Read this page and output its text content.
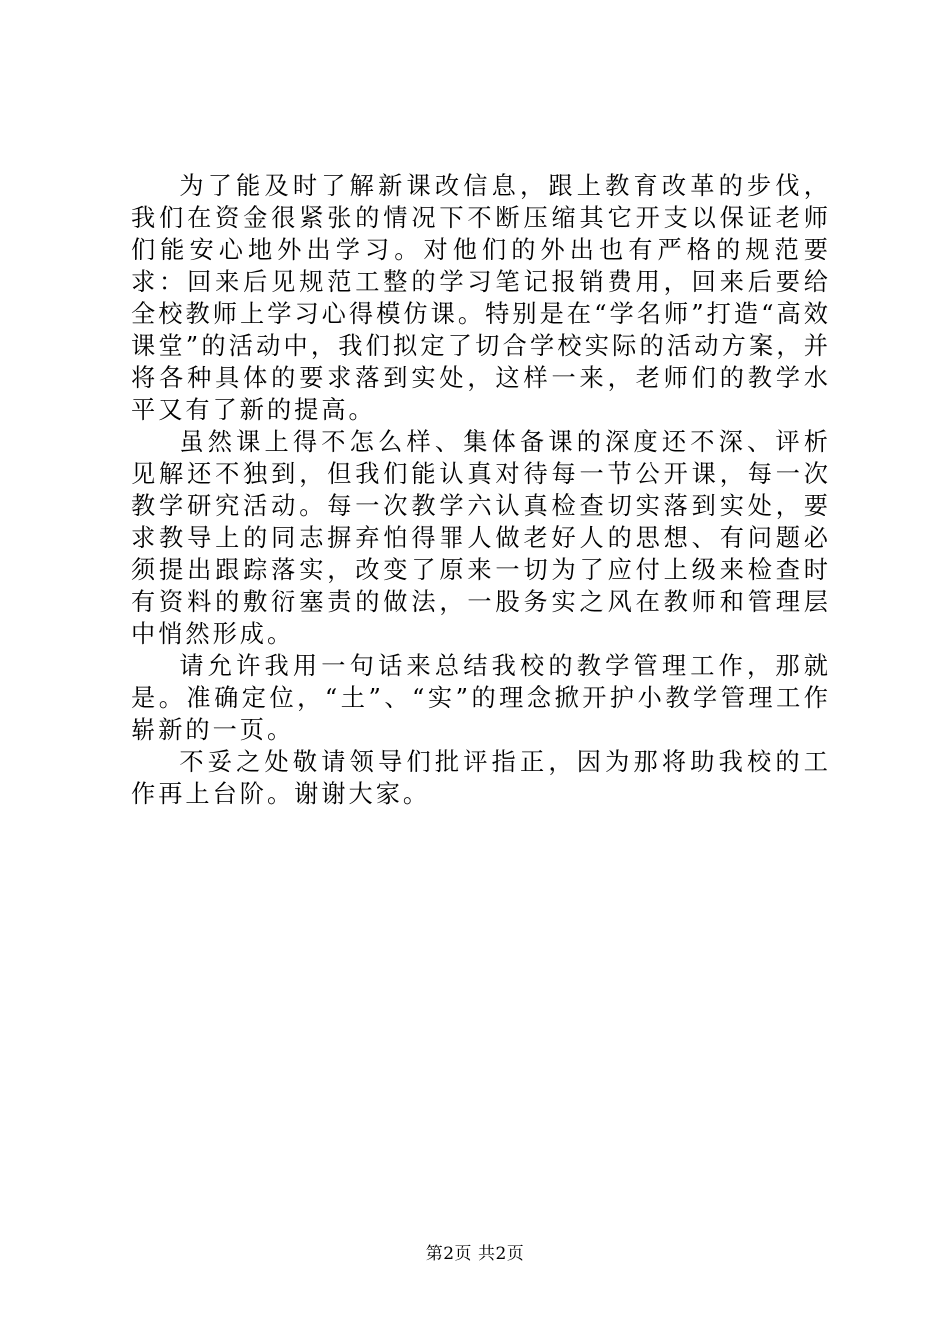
为了能及时了解新课改信息，跟上教育改革的步伐，我们在资金很紧张的情况下不断压缩其它开支以保证老师们能安心地外出学习。对他们的外出也有严格的规范要求：回来后见规范工整的学习笔记报销费用，回来后要给全校教师上学习心得模仿课。特别是在“学名师”打造“高效课堂”的活动中，我们拟定了切合学校实际的活动方案，并将各种具体的要求落到实处，这样一来，老师们的教学水平又有了新的提高。

虽然课上得不怎么样、集体备课的深度还不深、评析见解还不独到，但我们能认真对待每一节公开课，每一次教学研究活动。每一次教学六认真检查切实落到实处，要求教导上的同志摒弃怕得罪人做老好人的思想、有问题必须提出跟踪落实，改变了原来一切为了应付上级来检查时有资料的敷衍塞责的做法，一股务实之风在教师和管理层中悄然形成。

请允许我用一句话来总结我校的教学管理工作，那就是。准确定位，“土”、“实”的理念掀开护小教学管理工作崭新的一页。

不妥之处敬请领导们批评指正，因为那将助我校的工作再上台阶。谢谢大家。

第2页 共2页
